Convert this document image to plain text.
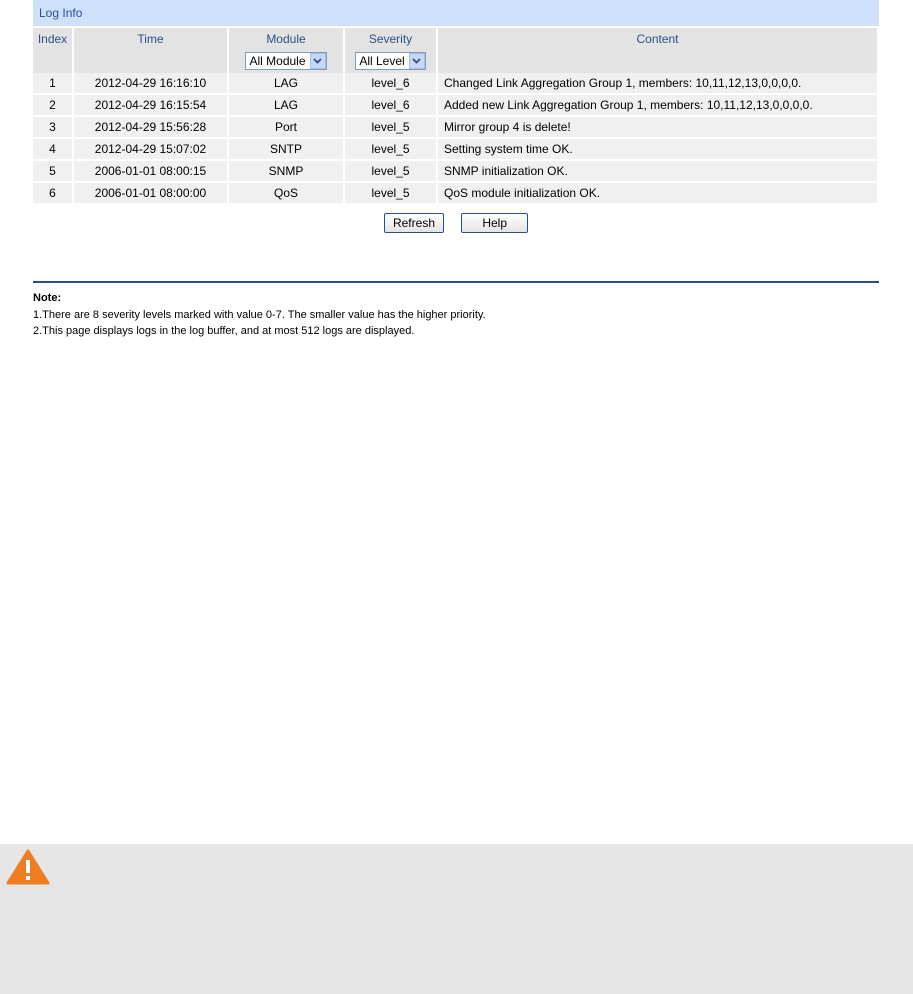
Log Info
Index	Time	Module	Severity	Content

		All Module	All Level	

1	2012-04-29 16:16:10	LAG	level_6	Changed Link Aggregation Group 1, members: 10,11,12,13,0,0,0,0.
2	2012-04-29 16:15:54	LAG	level_6	Added new Link Aggregation Group 1, members: 10,11,12,13,0,0,0,0.
3	2012-04-29 15:56:28	Port	level_5	Mirror group 4 is delete!
4	2012-04-29 15:07:02	SNTP	level_5	Setting system time OK.
5	2006-01-01 08:00:15	SNMP	level_5	SNMP initialization OK.
6	2006-01-01 08:00:00	QoS	level_5	QoS module initialization OK.
Refresh	Help
Note:
1.There are 8 severity levels marked with value 0-7. The smaller value has the higher priority.
2.This page displays logs in the log buffer, and at most 512 logs are displayed.
